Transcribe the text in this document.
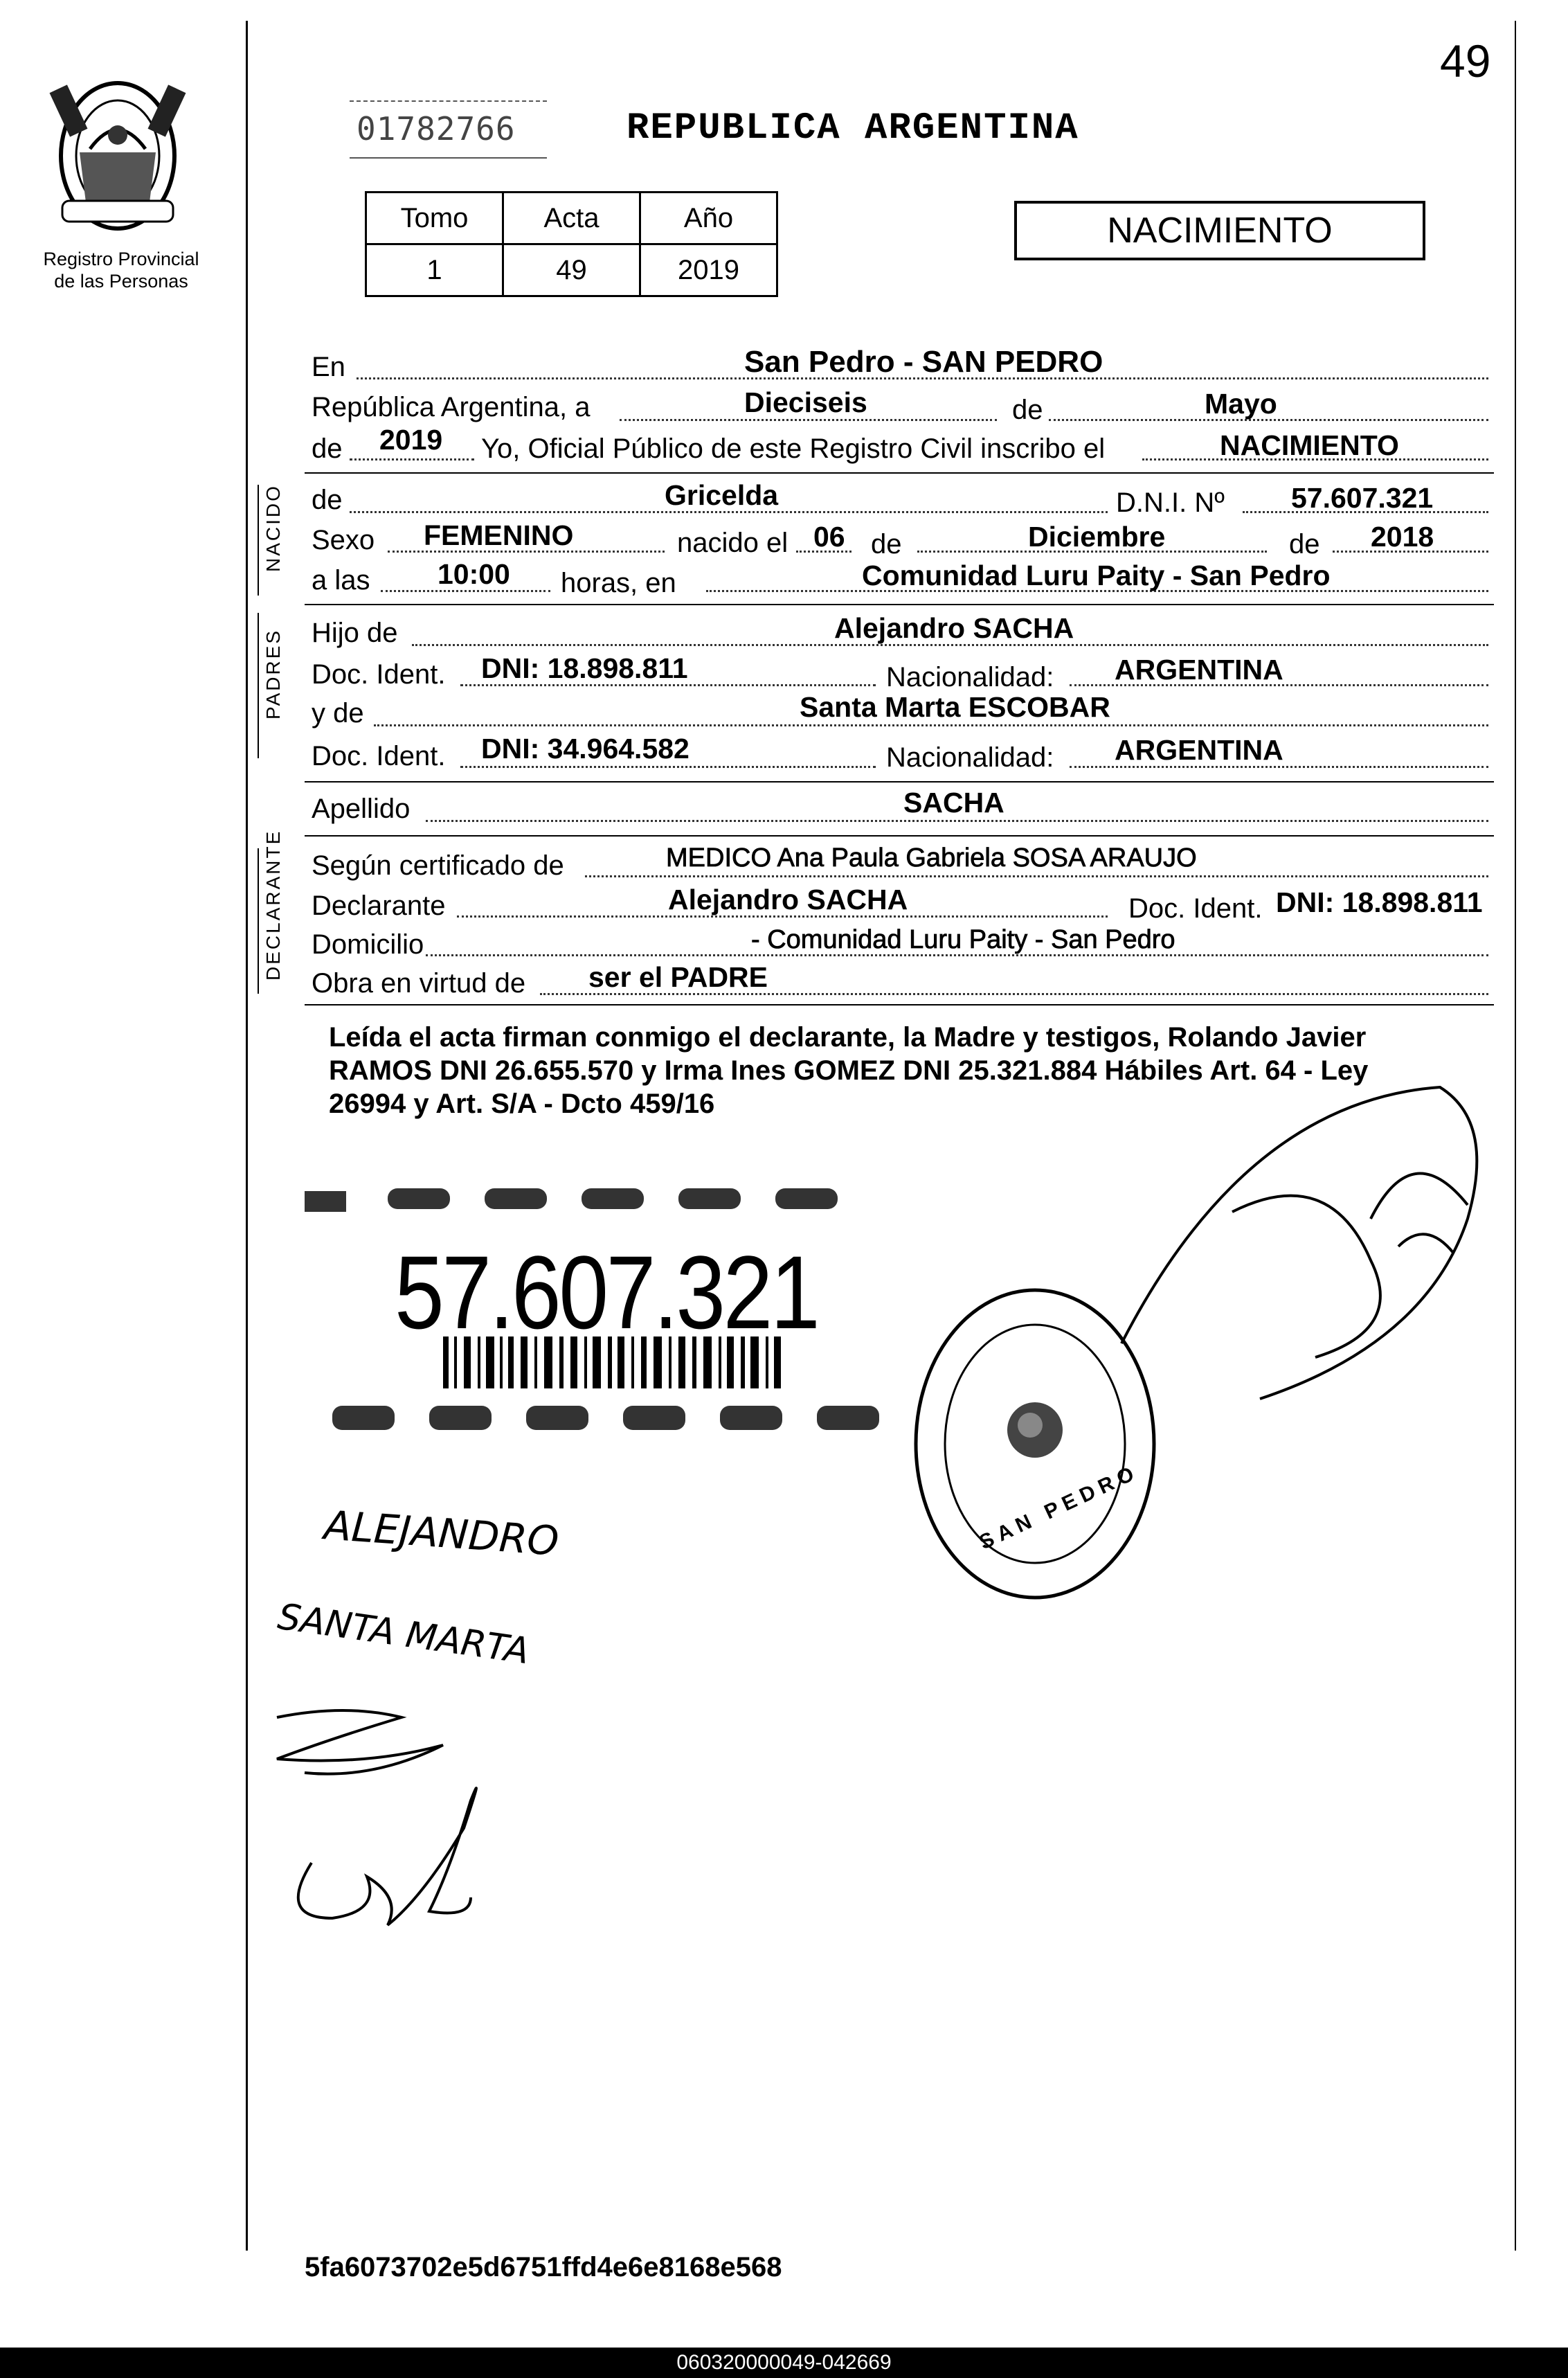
49
Registro Provincial
de las Personas
01782766	REPUBLICA ARGENTINA
Tomo	Acta	Año
1	49	2019
NACIMIENTO
En	San Pedro - SAN PEDRO
República Argentina, a	Dieciseis	de	Mayo
de 2019 Yo, Oficial Público de este Registro Civil inscribo el	NACIMIENTO
NACIDO de	Gricelda	D.N.I. Nº 57.607.321
Sexo FEMENINO	nacido el 06 de	Diciembre	de 2018
a las 10:00 horas, en	Comunidad Luru Paity - San Pedro
PADRES Hijo de	Alejandro SACHA
Doc. Ident. DNI: 18.898.811	Nacionalidad: ARGENTINA
y de	Santa Marta ESCOBAR
Doc. Ident. DNI: 34.964.582	Nacionalidad: ARGENTINA
Apellido	SACHA
DECLARANTE Según certificado de	MEDICO Ana Paula Gabriela SOSA ARAUJO
Declarante	Alejandro SACHA	Doc. Ident. DNI: 18.898.811
Domicilio	- Comunidad Luru Paity - San Pedro
Obra en virtud de ser el PADRE
Leída el acta firman conmigo el declarante, la Madre y testigos, Rolando Javier
RAMOS DNI 26.655.570 y Irma Ines GOMEZ DNI 25.321.884 Hábiles Art. 64 - Ley
26994 y Art. S/A - Dcto 459/16
57.607.321
SAN PEDRO
ALEJANDRO
SANTA MARTA
5fa6073702e5d6751ffd4e6e8168e568
060320000049-042669
